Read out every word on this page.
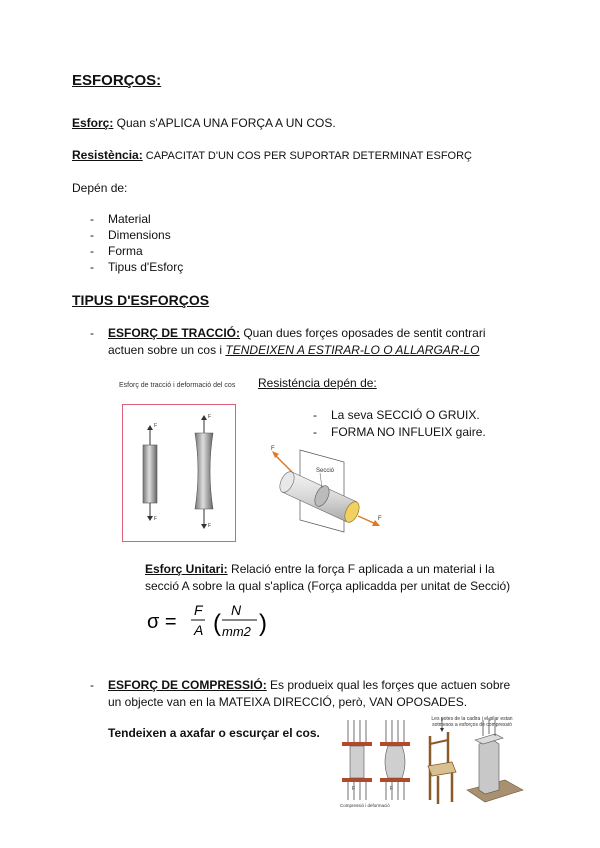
ESFORÇOS:
Esforç: Quan s'APLICA UNA FORÇA A UN COS.
Resistència: CAPACITAT D'UN COS PER SUPORTAR DETERMINAT ESFORÇ
Depén de:
- Material
- Dimensions
- Forma
- Tipus d'Esforç
TIPUS D'ESFORÇOS
- ESFORÇ DE TRACCIÓ: Quan dues forçes oposades de sentit contrari
actuen sobre un cos i TENDEIXEN A ESTIRAR-LO O ALLARGAR-LO
Esforç de tracció i deformació del cos
F
F
F
F
Resisténcia depén de:
- La seva SECCIÓ O GRUIX.
- FORMA NO INFLUEIX gaire.
F
Secció
F
Esforç Unitari: Relació entre la força F aplicada a un material i la
secció A sobre la qual s'aplica (Força aplicadda per unitat de Secció)
σ =
F
A ( N
mm2 )
- ESFORÇ DE COMPRESSIÓ: Es produeix qual les forçes que actuen sobre
un objecte van en la MATEIXA DIRECCIÓ, però, VAN OPOSADES.
Tendeixen a axafar o escurçar el cos.
F	F
Compressió i deformació
Les potes de la cadira i el pilar estan sotmesos a esforços de compressió
